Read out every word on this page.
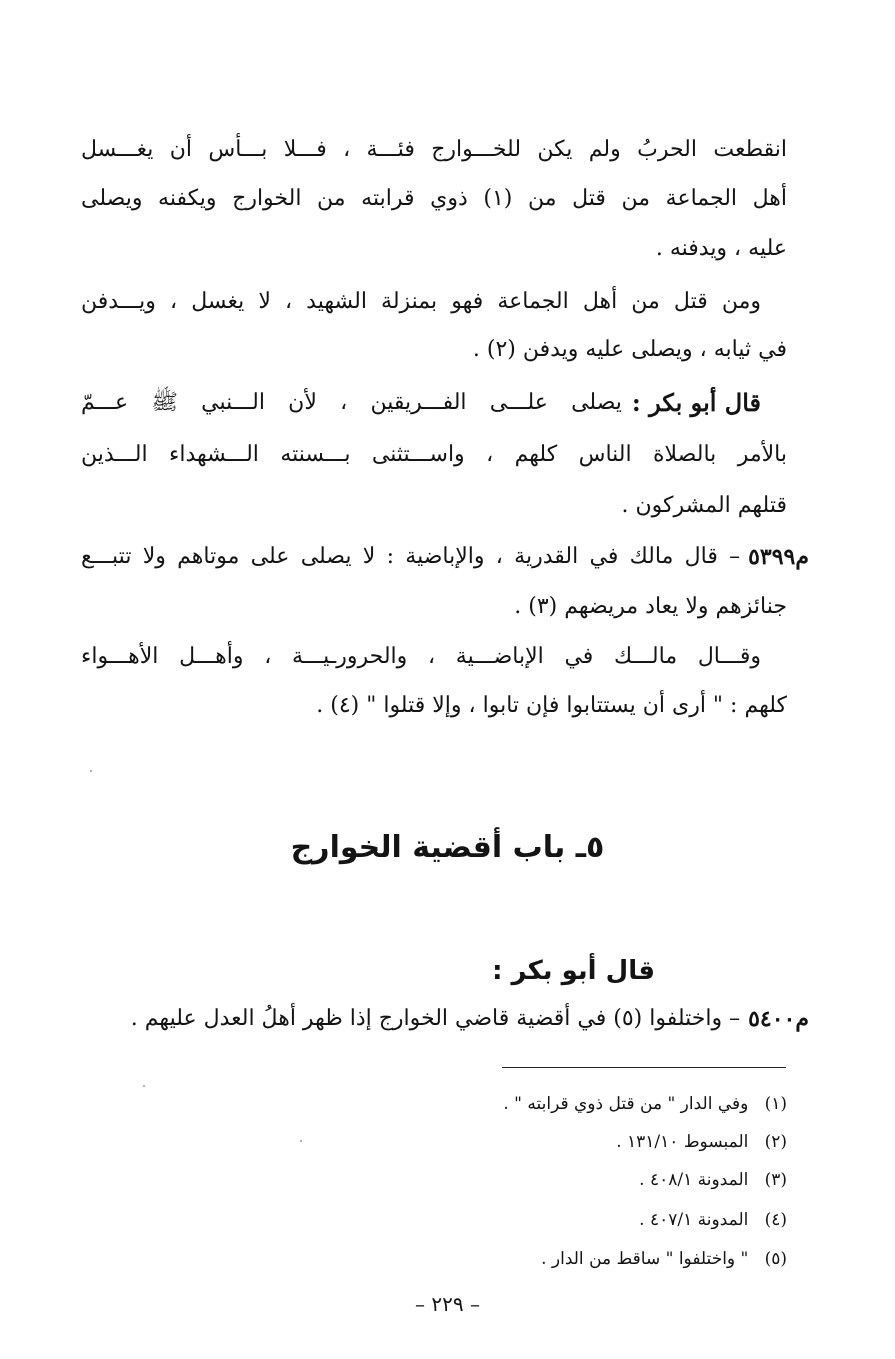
انقطعت الحربُ ولم يكن للخـــوارج فئـــة ، فـــلا بـــأس أن يغـــسل
أهل الجماعة من قتل من (١) ذوي قرابته من الخوارج ويكفنه ويصلى
عليه ، ويدفنه .
ومن قتل من أهل الجماعة فهو بمنزلة الشهيد ، لا يغسل ، ويـــدفن
في ثيابه ، ويصلى عليه ويدفن (٢) .
قال أبو بكر :
يصلى علـــى الفـــريقين ، لأن الـــنبي ﷺ عـــمّ
بالأمر بالصلاة الناس كلهم ، واســـتثنى بـــسنته الـــشهداء الـــذين
قتلهم المشركون .
م٥٣٩٩
– قال مالك في القدرية ، والإباضية : لا يصلى على موتاهم ولا تتبـــع
جنائزهم ولا يعاد مريضهم (٣) .
وقـــال مالـــك في الإباضـــية ، والحرورـيـــة ، وأهـــل الأهـــواء
كلهم : " أرى أن يستتابوا فإن تابوا ، وإلا قتلوا " (٤) .
٥ـ باب أقضية الخوارج
قال أبو بكر :
م٥٤٠٠
– واختلفوا (٥) في أقضية قاضي الخوارج إذا ظهر أهلُ العدل عليهم .
(١)   وفي الدار " من قتل ذوي قرابته " .
(٢)   المبسوط ١٣١/١٠ .
(٣)   المدونة ٤٠٨/١ .
(٤)   المدونة ٤٠٧/١ .
(٥)   " واختلفوا " ساقط من الدار .
– ٢٢٩ –
